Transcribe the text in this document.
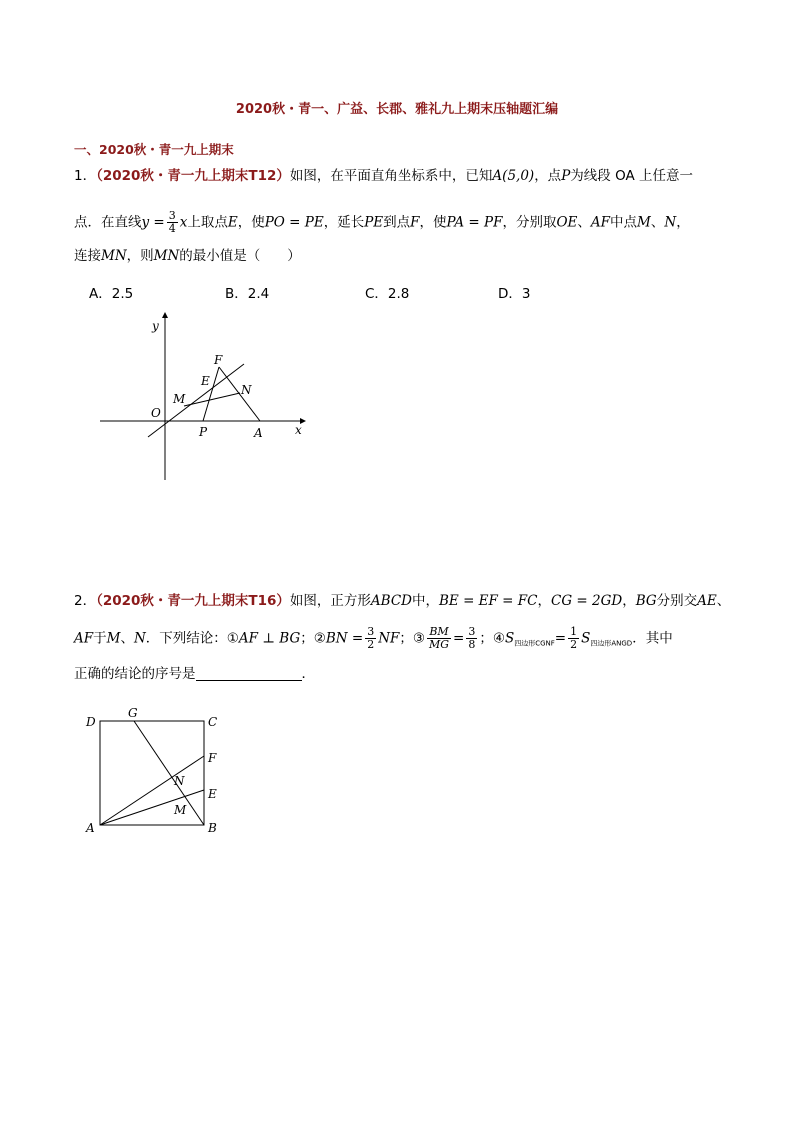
2020秋・青一、广益、长郡、雅礼九上期末压轴题汇编
一、2020秋・青一九上期末
1．（2020秋・青一九上期末T12）如图，在平面直角坐标系中，已知A(5,0)，点P为线段 OA 上任意一
点．在直线$y = \frac{3}{4}$ x上取点E，使PO = PE，延长PE到点F，使PA = PF，分别取OE、AF中点M、N，
连接MN，则MN的最小值是（　　）
A．2.5	B．2.4	C．2.8	D．3
y
x
O
P	A
M
E
F
N
2．（2020秋・青一九上期末T16）如图，正方形ABCD中，BE = EF = FC，CG = 2GD，BG分别交AE、
AF于M、N．下列结论：①AF ⊥ BG；②BN = $\frac{3}{2}$ NF；③ $\frac{BM}{MG} = \frac{3}{8}$ ；$④S_{四边形CGNF}= \frac{1}{2} S_{四边形ANGD}$．其中
正确的结论的序号是	．
D
G
C
F
N
E
M
A	B
